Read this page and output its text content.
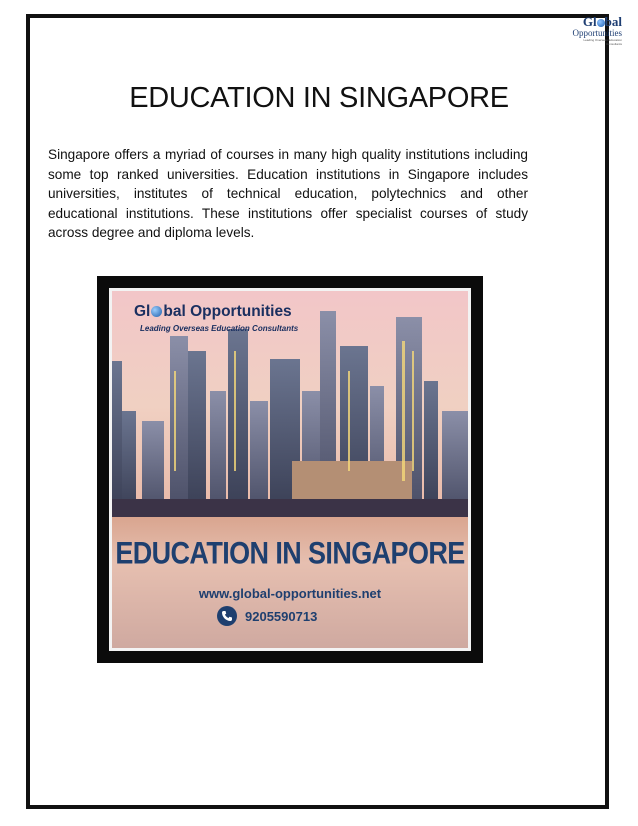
Gl bal
Opportunities
Leading Overseas Education Consultants
EDUCATION IN SINGAPORE

Singapore offers a myriad of courses in many high quality institutions including some top ranked universities. Education institutions in Singapore includes universities, institutes of technical education, polytechnics and other educational institutions. These institutions offer specialist courses of study across degree and diploma levels.

Gl bal Opportunities
Leading Overseas Education Consultants
EDUCATION IN SINGAPORE
www.global-opportunities.net
9205590713
